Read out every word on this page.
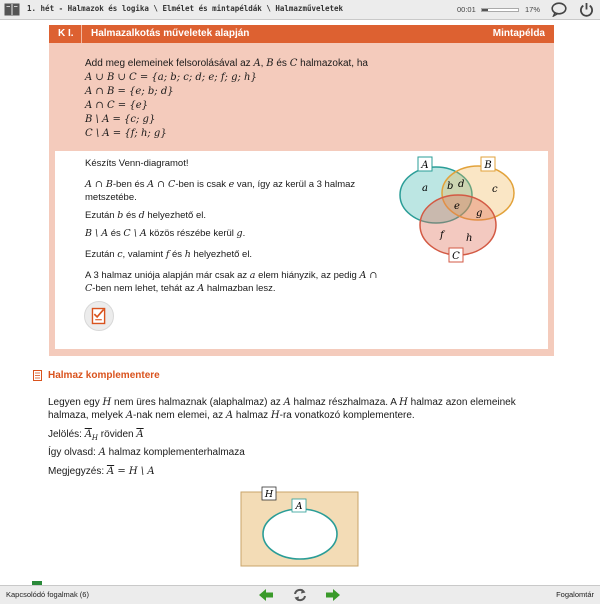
1. hét - Halmazok és logika \ Elmélet és mintapéldák \ Halmazműveletek	00:01	17%
K I. Halmazalkotás műveletek alapján	Mintapélda
Add meg elemeinek felsorolásával az A, B és C halmazokat, ha
A ∪ B ∪ C = {a; b; c; d; e; f; g; h}
A ∩ B = {e; b; d}
A ∩ C = {e}
B \ A = {c; g}
C \ A = {f; h; g}
Készíts Venn-diagramot!
A ∩ B-ben és A ∩ C-ben is csak e van, így az kerül a 3 halmaz metszetébe.
Ezután b és d helyezhető el.
B \ A és C \ A közös részébe kerül g.
Ezután c, valamint f és h helyezhető el.
A 3 halmaz uniója alapján már csak az a elem hiányzik, az pedig A ∩ C-ben nem lehet, tehát az A halmazban lesz.
A	B
C
a b d	c
e
g
f h
Halmaz komplementere
Legyen egy H nem üres halmaznak (alaphalmaz) az A halmaz részhalmaza. A H halmaz azon elemeinek halmaza, melyek A-nak nem elemei, az A halmaz H-ra vonatkozó komplementere.
Jelölés: $\overline{A}_H$ röviden $\overline{A}$
Így olvasd: A halmaz komplementerhalmaza
Megjegyzés: $\overline{A} = H$ \ A
H
A
Kapcsolódó fogalmak (6)	Fogalomtár
